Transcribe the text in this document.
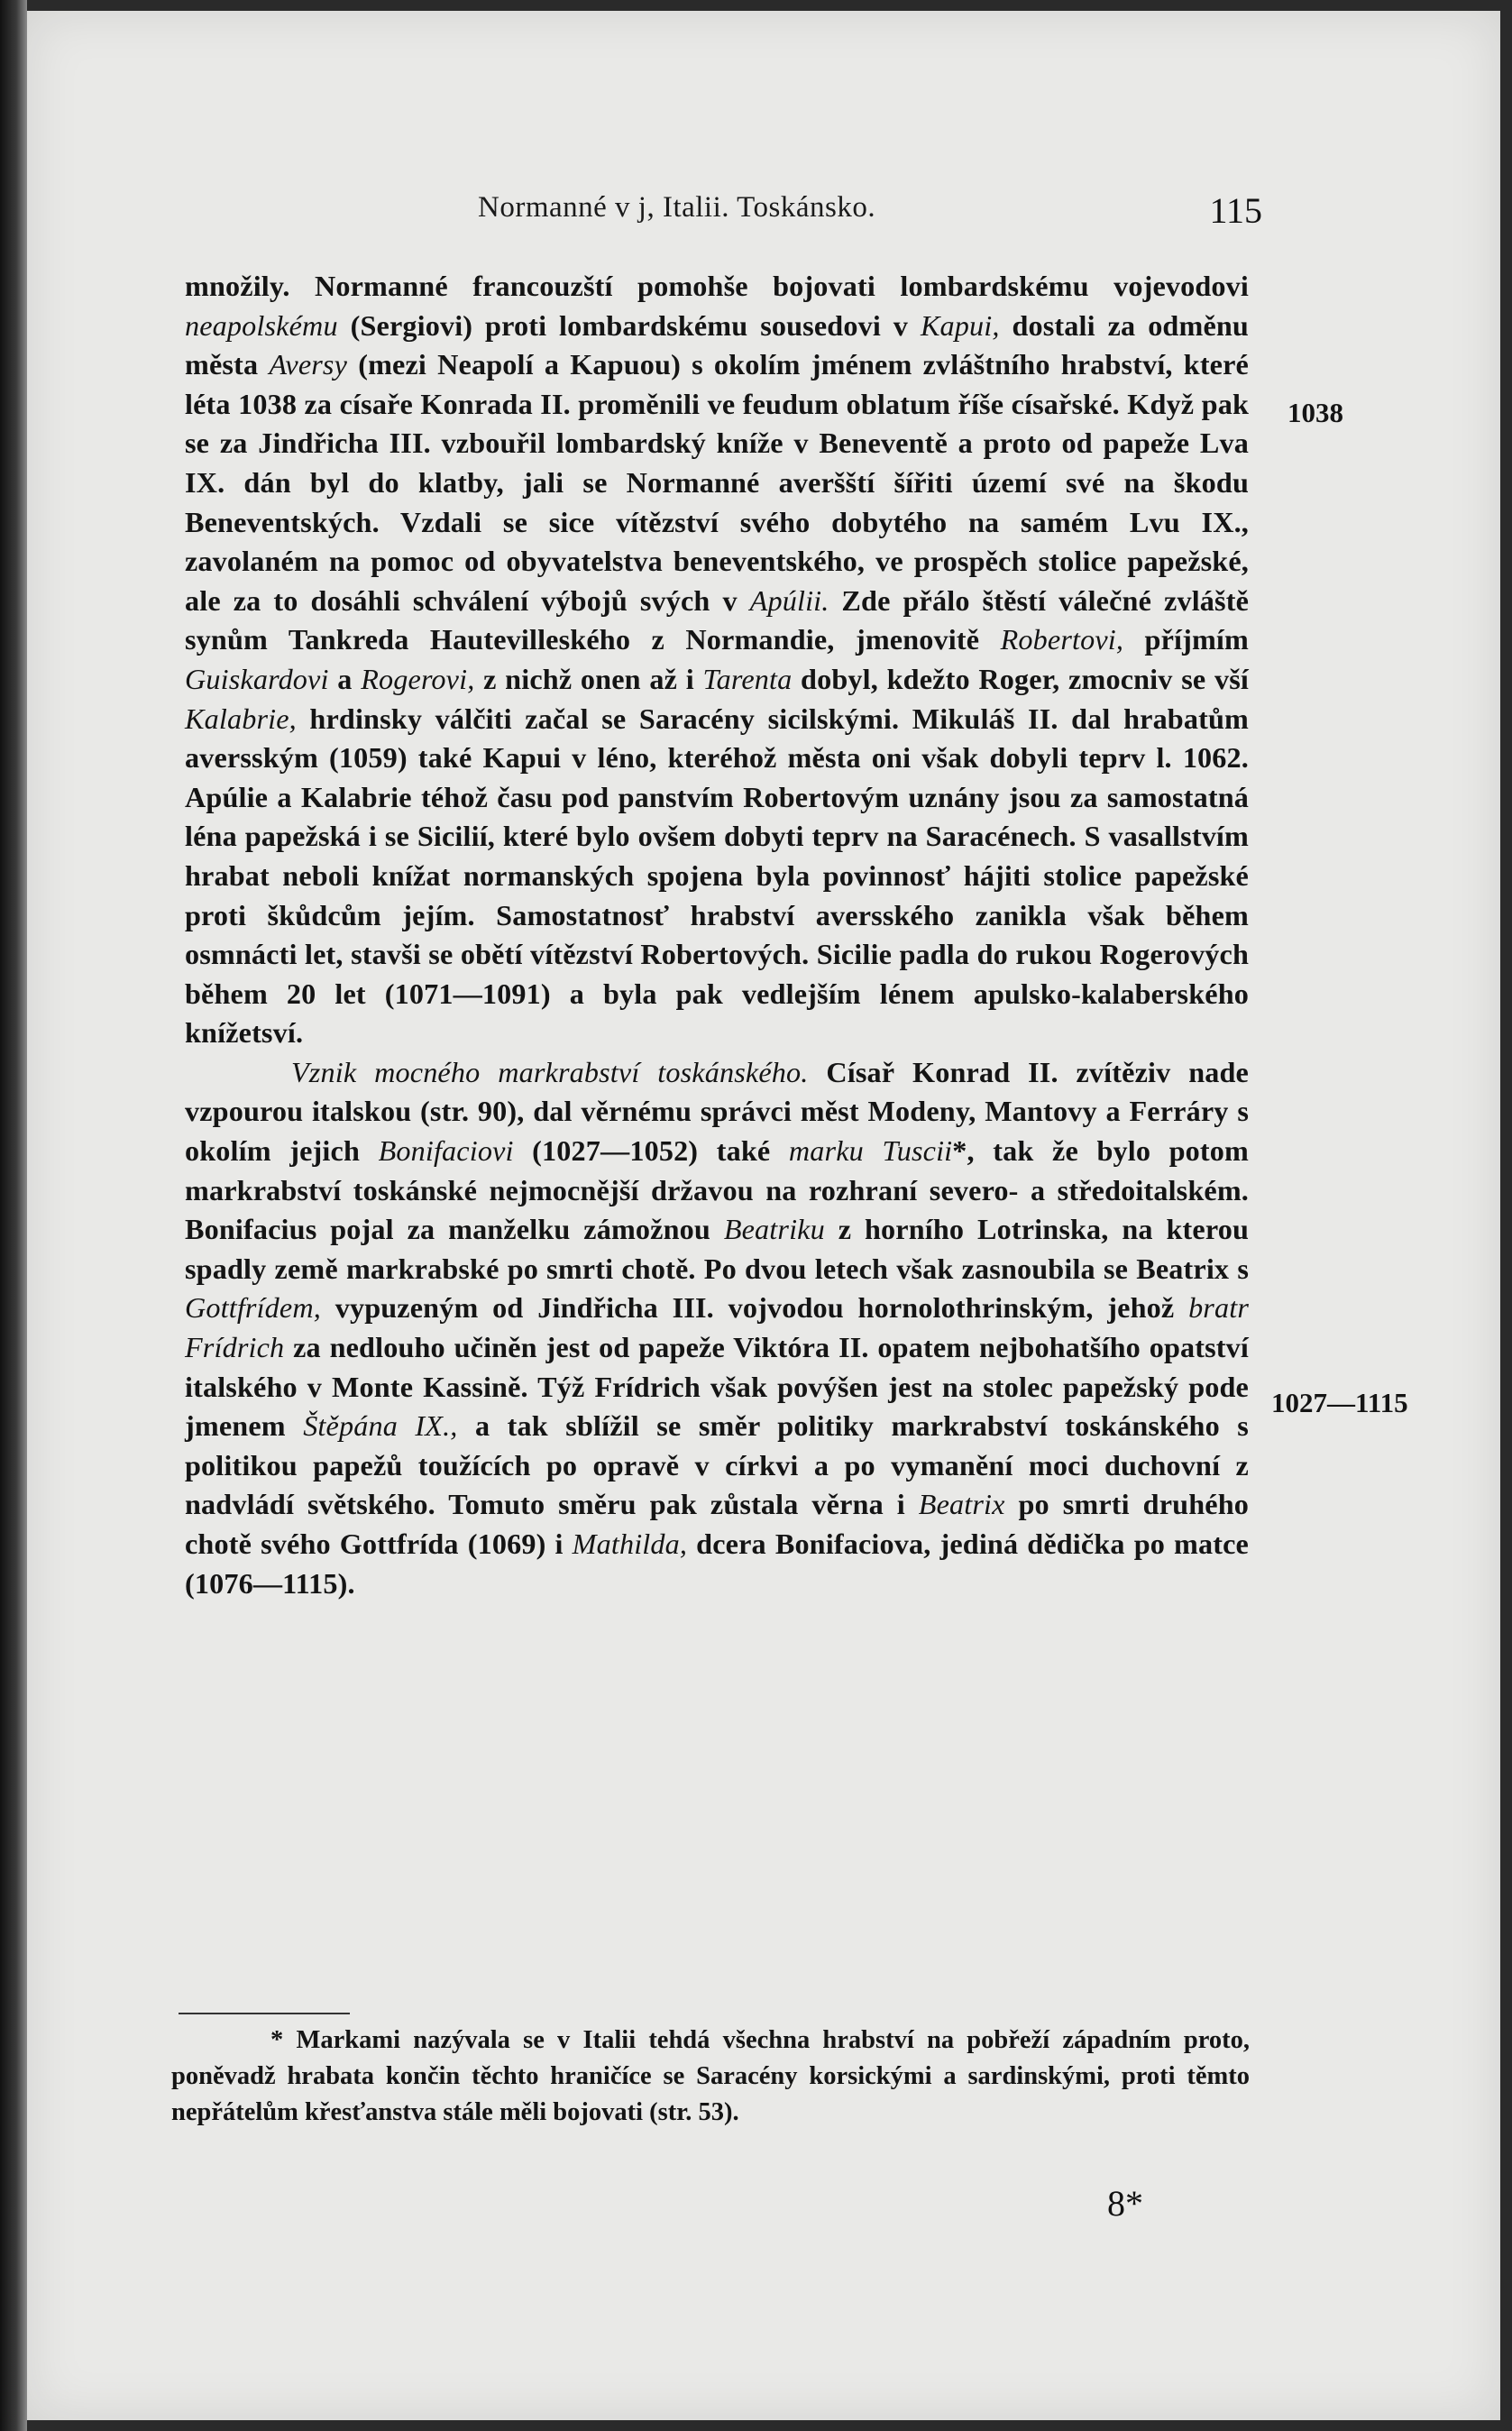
Normanné v j, Italii. Toskánsko.	115

množily. Normanné francouzští pomohše bojovati lombardskému vojevodovi neapolskému (Sergiovi) proti lombardskému sousedovi v Kapui, dostali za odměnu města Aversy (mezi Neapolí a Kapuou) s okolím jménem zvláštního hrabství, které léta 1038 za císaře Konrada II. proměnili ve feudum oblatum říše císařské. Když pak se za Jindřicha III. vzbouřil lombardský kníže v Beneventě a proto od papeže Lva IX. dán byl do klatby, jali se Normanné averšští šířiti území své na škodu Beneventských. Vzdali se sice vítězství svého dobytého na samém Lvu IX., zavolaném na pomoc od obyvatelstva beneventského, ve prospěch stolice papežské, ale za to dosáhli schválení výbojů svých v Apúlii. Zde přálo štěstí válečné zvláště synům Tankreda Hautevilleského z Normandie, jmenovitě Robertovi, příjmím Guiskardovi a Rogerovi, z nichž onen až i Tarenta dobyl, kdežto Roger, zmocniv se vší Kalabrie, hrdinsky válčiti začal se Saracény sicilskými. Mikuláš II. dal hrabatům aversským (1059) také Kapui v léno, kteréhož města oni však dobyli teprv l. 1062. Apúlie a Kalabrie téhož času pod panstvím Robertovým uznány jsou za samostatná léna papežská i se Sicilií, které bylo ovšem dobyti teprv na Saracénech. S vasallstvím hrabat neboli knížat normanských spojena byla povinnosť hájiti stolice papežské proti škůdcům jejím. Samostatnosť hrabství aversského zanikla však během osmnácti let, stavši se obětí vítězství Robertových. Sicilie padla do rukou Rogerových během 20 let (1071—1091) a byla pak vedlejším lénem apulsko-kalaberského knížetsví.

Vznik mocného markrabství toskánského. Císař Konrad II. zvítěziv nade vzpourou italskou (str. 90), dal věrnému správci měst Modeny, Mantovy a Ferráry s okolím jejich Bonifaciovi (1027—1052) také marku Tuscii*, tak že bylo potom markrabství toskánské nejmocnější državou na rozhraní severo- a středoitalském. Bonifacius pojal za manželku zámožnou Beatriku z horního Lotrinska, na kterou spadly země markrabské po smrti chotě. Po dvou letech však zasnoubila se Beatrix s Gottfrídem, vypuzeným od Jindřicha III. vojvodou hornolothrinským, jehož bratr Frídrich za nedlouho učiněn jest od papeže Viktóra II. opatem nejbohatšího opatství italského v Monte Kassině. Týž Frídrich však povýšen jest na stolec papežský pode jmenem Štěpána IX., a tak sblížil se směr politiky markrabství toskánského s politikou papežů toužících po opravě v církvi a po vymanění moci duchovní z nadvládí světského. Tomuto směru pak zůstala věrna i Beatrix po smrti druhého chotě svého Gottfrída (1069) i Mathilda, dcera Bonifaciova, jediná dědička po matce (1076—1115).

1038
1027—1115

* Markami nazývala se v Italii tehdá všechna hrabství na pobřeží západním proto, poněvadž hrabata končin těchto hraničíce se Saracény korsickými a sardinskými, proti těmto nepřátelům křesťanstva stále měli bojovati (str. 53).

8*
